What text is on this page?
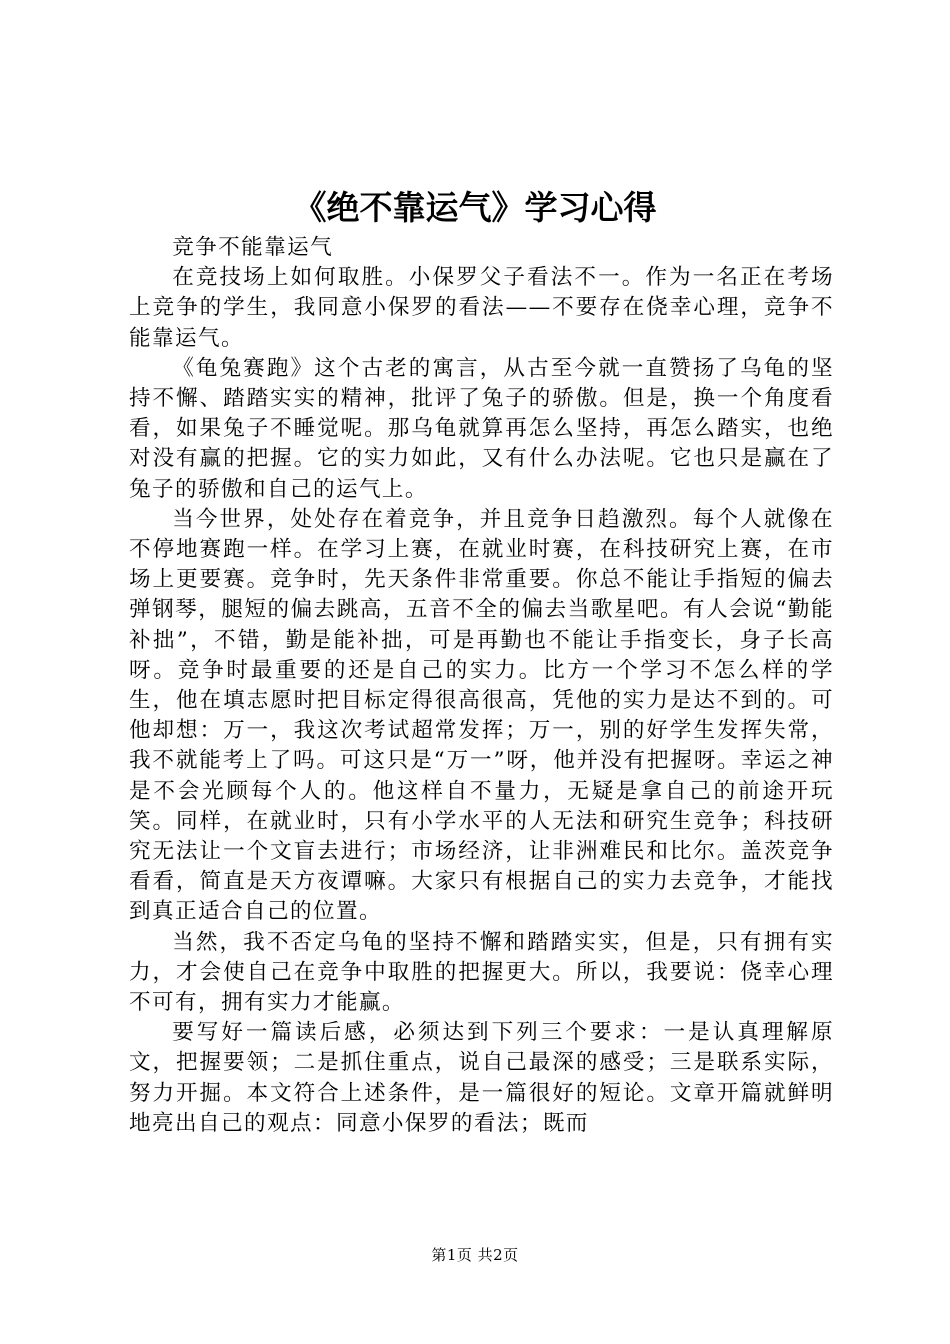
《绝不靠运气》学习心得

竞争不能靠运气

在竞技场上如何取胜。小保罗父子看法不一。作为一名正在考场上竞争的学生，我同意小保罗的看法——不要存在侥幸心理，竞争不能靠运气。

《龟兔赛跑》这个古老的寓言，从古至今就一直赞扬了乌龟的坚持不懈、踏踏实实的精神，批评了兔子的骄傲。但是，换一个角度看看，如果兔子不睡觉呢。那乌龟就算再怎么坚持，再怎么踏实，也绝对没有赢的把握。它的实力如此，又有什么办法呢。它也只是赢在了兔子的骄傲和自己的运气上。

当今世界，处处存在着竞争，并且竞争日趋激烈。每个人就像在不停地赛跑一样。在学习上赛，在就业时赛，在科技研究上赛，在市场上更要赛。竞争时，先天条件非常重要。你总不能让手指短的偏去弹钢琴，腿短的偏去跳高，五音不全的偏去当歌星吧。有人会说“勤能补拙”，不错，勤是能补拙，可是再勤也不能让手指变长，身子长高呀。竞争时最重要的还是自己的实力。比方一个学习不怎么样的学生，他在填志愿时把目标定得很高很高，凭他的实力是达不到的。可他却想：万一，我这次考试超常发挥；万一，别的好学生发挥失常，我不就能考上了吗。可这只是“万一”呀，他并没有把握呀。幸运之神是不会光顾每个人的。他这样自不量力，无疑是拿自己的前途开玩笑。同样，在就业时，只有小学水平的人无法和研究生竞争；科技研究无法让一个文盲去进行；市场经济，让非洲难民和比尔。盖茨竞争看看，简直是天方夜谭嘛。大家只有根据自己的实力去竞争，才能找到真正适合自己的位置。

当然，我不否定乌龟的坚持不懈和踏踏实实，但是，只有拥有实力，才会使自己在竞争中取胜的把握更大。所以，我要说：侥幸心理不可有，拥有实力才能赢。

要写好一篇读后感，必须达到下列三个要求：一是认真理解原文，把握要领；二是抓住重点，说自己最深的感受；三是联系实际，努力开掘。本文符合上述条件，是一篇很好的短论。文章开篇就鲜明地亮出自己的观点：同意小保罗的看法；既而

第1页 共2页
